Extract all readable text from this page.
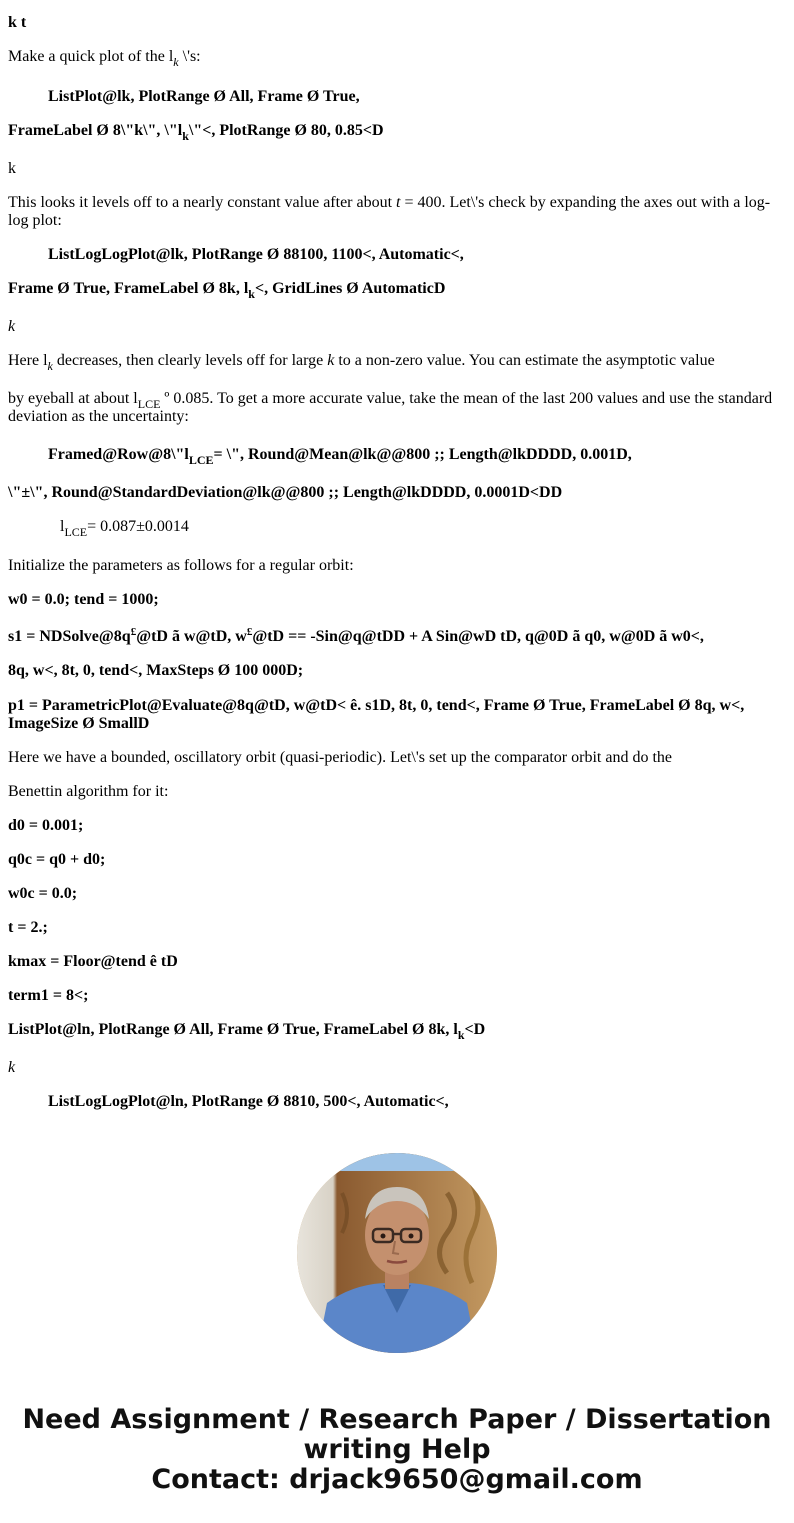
k t
Make a quick plot of the $l_k$ \'s:
ListPlot@lk, PlotRange Ø All, Frame Ø True,
FrameLabel Ø 8\"k\", $\backslash"l_k\backslash"<$, PlotRange Ø 80, 0.85<D
k
This looks it levels off to a nearly constant value after about t = 400. Let\'s check by expanding the axes out with a log-log plot:
ListLogLogPlot@lk, PlotRange Ø 88100, 1100<, Automatic<,
Frame Ø True, FrameLabel Ø 8k, $l_k<$, GridLines Ø AutomaticD
k
Here $l_k$ decreases, then clearly levels off for large k to a non-zero value. You can estimate the asymptotic value
by eyeball at about $l_{LCE}$ º 0.085. To get a more accurate value, take the mean of the last 200 values and use the standard deviation as the uncertainty:
$Framed@Row@8\backslash"l_{LCE}=$ \", Round@Mean@lk@@800 ;; Length@lkDDDD, 0.001D,
\"±\", Round@StandardDeviation@lk@@800 ;; Length@lkDDDD, 0.0001D<DD
$l_{LCE}= 0.087\pm 0.0014$
Initialize the parameters as follows for a regular orbit:
w0 = 0.0; tend = 1000;
s1 = NDSolve@8q£@tD ã w@tD, w£@tD == -Sin@q@tDD + A Sin@wD tD, q@0D ã q0, w@0D ã w0<,
8q, w<, 8t, 0, tend<, MaxSteps Ø 100 000D;
p1 = ParametricPlot@Evaluate@8q@tD, w@tD< ê. s1D, 8t, 0, tend<, Frame Ø True, FrameLabel Ø 8q, w<, ImageSize Ø SmallD
Here we have a bounded, oscillatory orbit (quasi-periodic). Let\'s set up the comparator orbit and do the
Benettin algorithm for it:
d0 = 0.001;
q0c = q0 + d0;
w0c = 0.0;
t = 2.;
kmax = Floor@tend ê tD
term1 = 8<;
ListPlot@ln, PlotRange Ø All, Frame Ø True, FrameLabel Ø 8k, $l_k<D$
k
ListLogLogPlot@ln, PlotRange Ø 8810, 500<, Automatic<,
Need Assignment / Research Paper / Dissertation
writing Help
Contact: drjack9650@gmail.com
